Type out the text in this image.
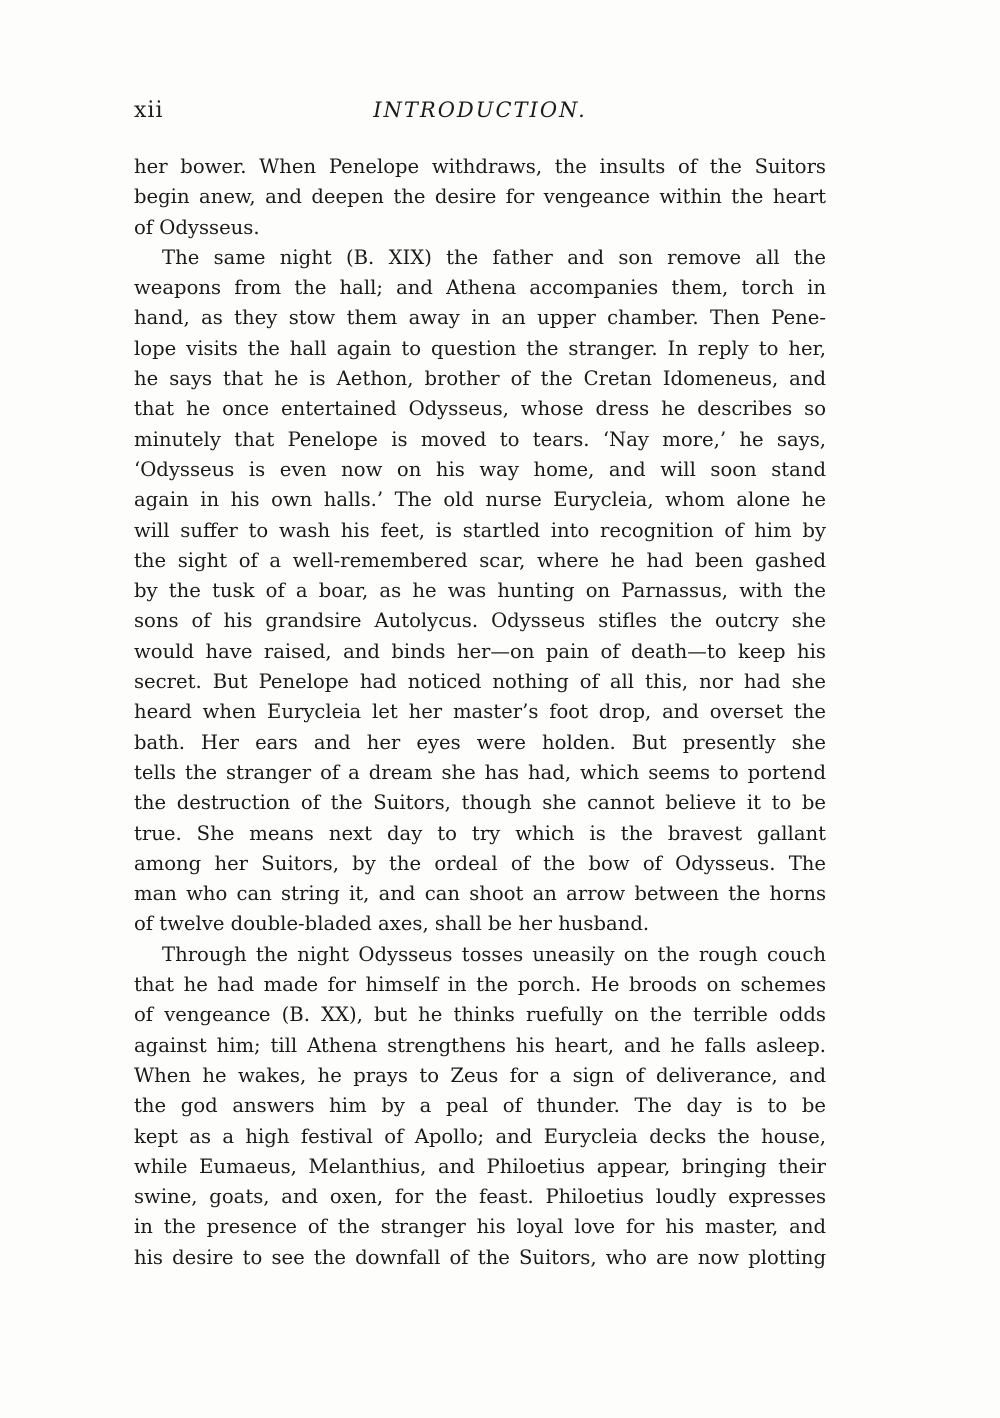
xii	INTRODUCTION.
her bower. When Penelope withdraws, the insults of the Suitors
begin anew, and deepen the desire for vengeance within the heart
of Odysseus.
The same night (B. XIX) the father and son remove all the
weapons from the hall; and Athena accompanies them, torch in
hand, as they stow them away in an upper chamber. Then Pene-
lope visits the hall again to question the stranger. In reply to her,
he says that he is Aethon, brother of the Cretan Idomeneus, and
that he once entertained Odysseus, whose dress he describes so
minutely that Penelope is moved to tears. ‘Nay more,’ he says,
‘Odysseus is even now on his way home, and will soon stand
again in his own halls.’ The old nurse Eurycleia, whom alone he
will suffer to wash his feet, is startled into recognition of him by
the sight of a well-remembered scar, where he had been gashed
by the tusk of a boar, as he was hunting on Parnassus, with the
sons of his grandsire Autolycus. Odysseus stifles the outcry she
would have raised, and binds her—on pain of death—to keep his
secret. But Penelope had noticed nothing of all this, nor had she
heard when Eurycleia let her master’s foot drop, and overset the
bath. Her ears and her eyes were holden. But presently she
tells the stranger of a dream she has had, which seems to portend
the destruction of the Suitors, though she cannot believe it to be
true. She means next day to try which is the bravest gallant
among her Suitors, by the ordeal of the bow of Odysseus. The
man who can string it, and can shoot an arrow between the horns
of twelve double-bladed axes, shall be her husband.
Through the night Odysseus tosses uneasily on the rough couch
that he had made for himself in the porch. He broods on schemes
of vengeance (B. XX), but he thinks ruefully on the terrible odds
against him; till Athena strengthens his heart, and he falls asleep.
When he wakes, he prays to Zeus for a sign of deliverance, and
the god answers him by a peal of thunder. The day is to be
kept as a high festival of Apollo; and Eurycleia decks the house,
while Eumaeus, Melanthius, and Philoetius appear, bringing their
swine, goats, and oxen, for the feast. Philoetius loudly expresses
in the presence of the stranger his loyal love for his master, and
his desire to see the downfall of the Suitors, who are now plotting
